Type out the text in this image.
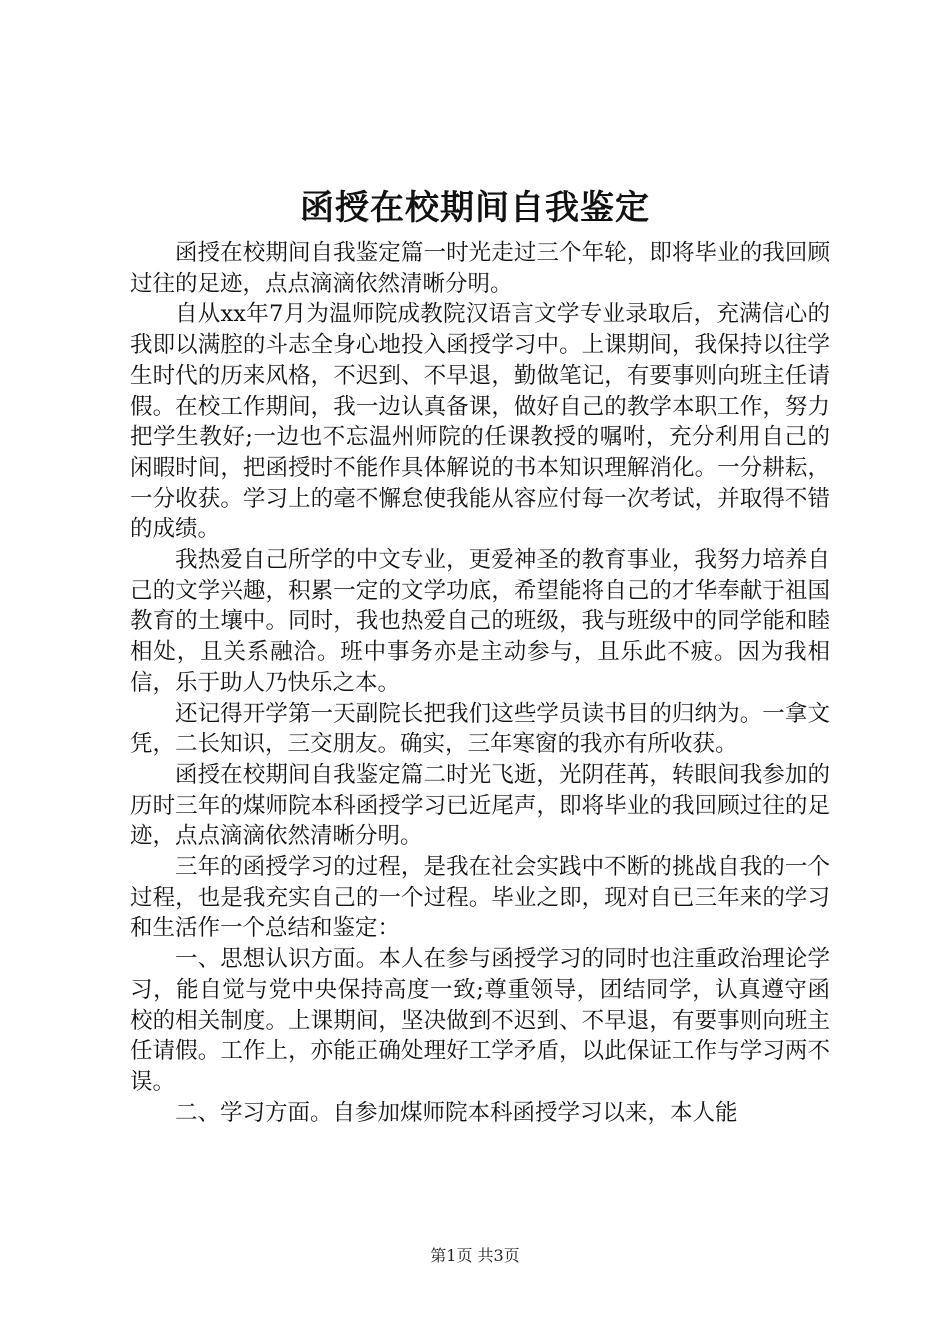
函授在校期间自我鉴定

函授在校期间自我鉴定篇一时光走过三个年轮，即将毕业的我回顾过往的足迹，点点滴滴依然清晰分明。

自从xx年7月为温师院成教院汉语言文学专业录取后，充满信心的我即以满腔的斗志全身心地投入函授学习中。上课期间，我保持以往学生时代的历来风格，不迟到、不早退，勤做笔记，有要事则向班主任请假。在校工作期间，我一边认真备课，做好自己的教学本职工作，努力把学生教好;一边也不忘温州师院的任课教授的嘱咐，充分利用自己的闲暇时间，把函授时不能作具体解说的书本知识理解消化。一分耕耘，一分收获。学习上的毫不懈怠使我能从容应付每一次考试，并取得不错的成绩。

我热爱自己所学的中文专业，更爱神圣的教育事业，我努力培养自己的文学兴趣，积累一定的文学功底，希望能将自己的才华奉献于祖国教育的土壤中。同时，我也热爱自己的班级，我与班级中的同学能和睦相处，且关系融洽。班中事务亦是主动参与，且乐此不疲。因为我相信，乐于助人乃快乐之本。

还记得开学第一天副院长把我们这些学员读书目的归纳为。一拿文凭，二长知识，三交朋友。确实，三年寒窗的我亦有所收获。

函授在校期间自我鉴定篇二时光飞逝，光阴荏苒，转眼间我参加的历时三年的煤师院本科函授学习已近尾声，即将毕业的我回顾过往的足迹，点点滴滴依然清晰分明。

三年的函授学习的过程，是我在社会实践中不断的挑战自我的一个过程，也是我充实自己的一个过程。毕业之即，现对自已三年来的学习和生活作一个总结和鉴定：

一、思想认识方面。本人在参与函授学习的同时也注重政治理论学习，能自觉与党中央保持高度一致;尊重领导，团结同学，认真遵守函校的相关制度。上课期间，坚决做到不迟到、不早退，有要事则向班主任请假。工作上，亦能正确处理好工学矛盾，以此保证工作与学习两不误。

二、学习方面。自参加煤师院本科函授学习以来，本人能

第1页 共3页
